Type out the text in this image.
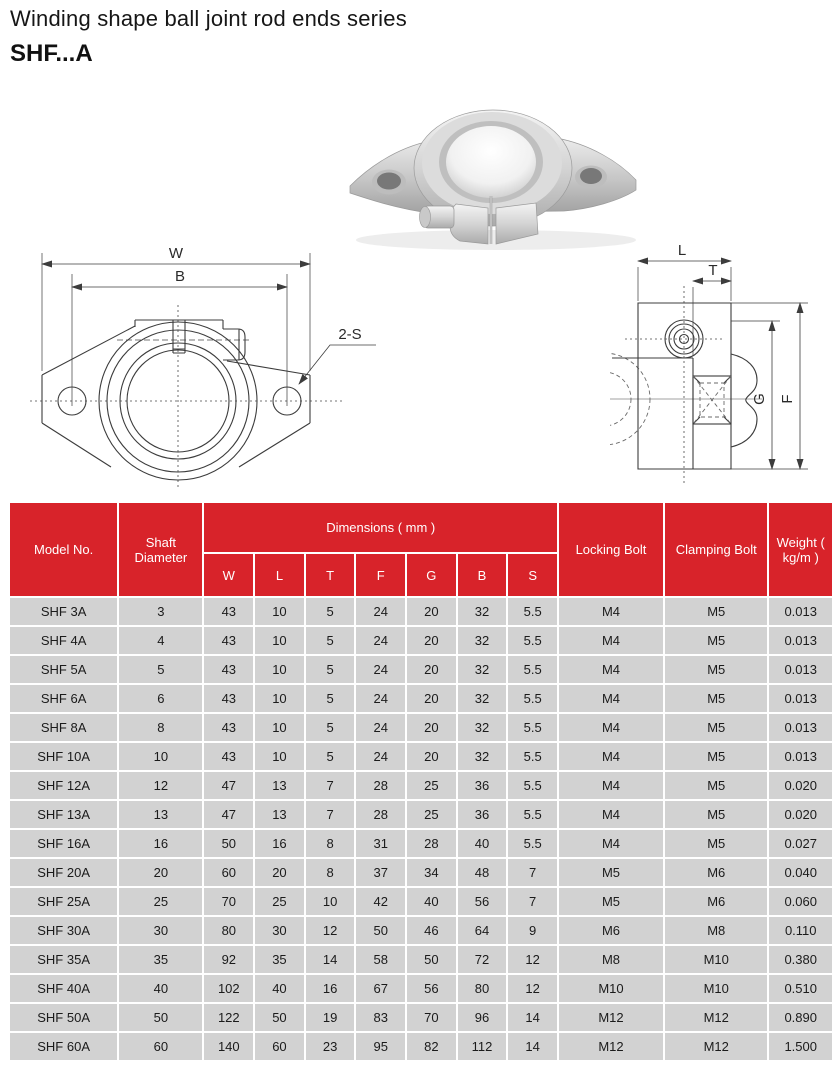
Winding shape ball joint rod ends series
SHF...A
W
B
2-S
L
T
G F
Model No.	Shaft Diameter	Dimensions ( mm )							Locking Bolt	Clamping Bolt	Weight ( kg/m )
		W	L	T	F	G	B	S			
SHF 3A	3	43	10	5	24	20	32	5.5	M4	M5	0.013
SHF 4A	4	43	10	5	24	20	32	5.5	M4	M5	0.013
SHF 5A	5	43	10	5	24	20	32	5.5	M4	M5	0.013
SHF 6A	6	43	10	5	24	20	32	5.5	M4	M5	0.013
SHF 8A	8	43	10	5	24	20	32	5.5	M4	M5	0.013
SHF 10A	10	43	10	5	24	20	32	5.5	M4	M5	0.013
SHF 12A	12	47	13	7	28	25	36	5.5	M4	M5	0.020
SHF 13A	13	47	13	7	28	25	36	5.5	M4	M5	0.020
SHF 16A	16	50	16	8	31	28	40	5.5	M4	M5	0.027
SHF 20A	20	60	20	8	37	34	48	7	M5	M6	0.040
SHF 25A	25	70	25	10	42	40	56	7	M5	M6	0.060
SHF 30A	30	80	30	12	50	46	64	9	M6	M8	0.110
SHF 35A	35	92	35	14	58	50	72	12	M8	M10	0.380
SHF 40A	40	102	40	16	67	56	80	12	M10	M10	0.510
SHF 50A	50	122	50	19	83	70	96	14	M12	M12	0.890
SHF 60A	60	140	60	23	95	82	112	14	M12	M12	1.500
